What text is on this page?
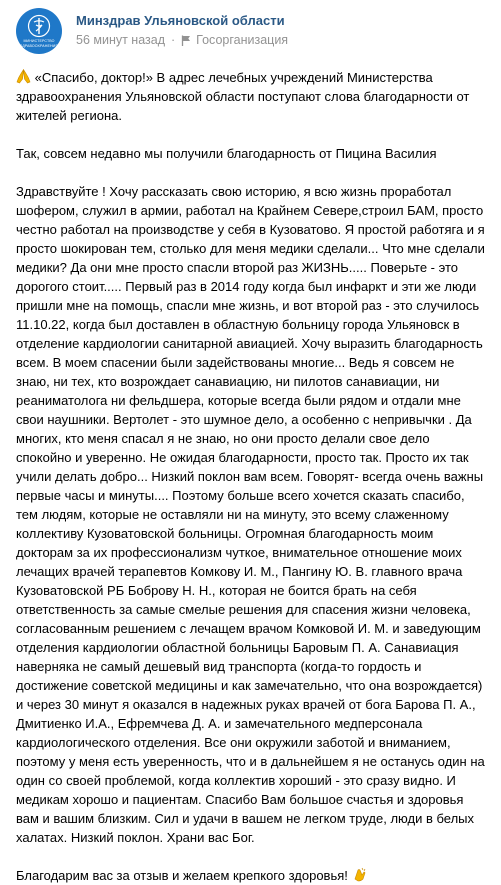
МИНИСТЕРСТВО
ЗДРАВООХРАНЕНИЯ
Минздрав Ульяновской области
56 минут назад · Госорганизация

«Спасибо, доктор!» В адрес лечебных учреждений Министерства здравоохранения Ульяновской области поступают слова благодарности от жителей региона.

Так, совсем недавно мы получили благодарность от Пицина Василия

Здравствуйте ! Хочу рассказать свою историю, я всю жизнь проработал шофером, служил в армии, работал на Крайнем Севере,строил БАМ, просто честно работал на производстве у себя в Кузоватово. Я простой работяга и я просто шокирован тем, столько для меня медики сделали... Что мне сделали медики? Да они мне просто спасли второй раз ЖИЗНЬ..... Поверьте - это дорогого стоит..... Первый раз в 2014 году когда был инфаркт и эти же люди пришли мне на помощь, спасли мне жизнь, и вот второй раз - это случилось 11.10.22, когда был доставлен в областную больницу города Ульяновск в отделение кардиологии санитарной авиацией. Хочу выразить благодарность всем. В моем спасении были задействованы многие... Ведь я совсем не знаю, ни тех, кто возрождает санавиацию, ни пилотов санавиации, ни реаниматолога ни фельдшера, которые всегда были рядом и отдали мне свои наушники. Вертолет - это шумное дело, а особенно с непривычки . Да многих, кто меня спасал я не знаю, но они просто делали свое дело спокойно и уверенно. Не ожидая благодарности, просто так. Просто их так учили делать добро... Низкий поклон вам всем. Говорят- всегда очень важны первые часы и минуты.... Поэтому больше всего хочется сказать спасибо, тем людям, которые не оставляли ни на минуту, это всему слаженному коллективу Кузоватовской больницы. Огромная благодарность моим докторам за их профессионализм чуткое, внимательное отношение моих лечащих врачей терапевтов Комкову И. М., Пангину Ю. В. главного врача Кузоватовской РБ Боброву Н. Н., которая не боится брать на себя ответственность за самые смелые решения для спасения жизни человека, согласованным решением с лечащем врачом Комковой И. М. и заведующим отделения кардиологии областной больницы Баровым П. А. Санавиация наверняка не самый дешевый вид транспорта (когда-то гордость и достижение советской медицины и как замечательно, что она возрождается) и через 30 минут я оказался в надежных руках врачей от бога Барова П. А., Дмитиенко И.А., Ефремчева Д. А. и замечательного медперсонала кардиологического отделения. Все они окружили заботой и вниманием, поэтому у меня есть уверенность, что и в дальнейшем я не останусь один на один со своей проблемой, когда коллектив хороший - это сразу видно. И медикам хорошо и пациентам. Спасибо Вам большое счастья и здоровья вам и вашим близким. Сил и удачи в вашем не легком труде, люди в белых халатах. Низкий поклон. Храни вас Бог.

Благодарим вас за отзыв и желаем крепкого здоровья!
